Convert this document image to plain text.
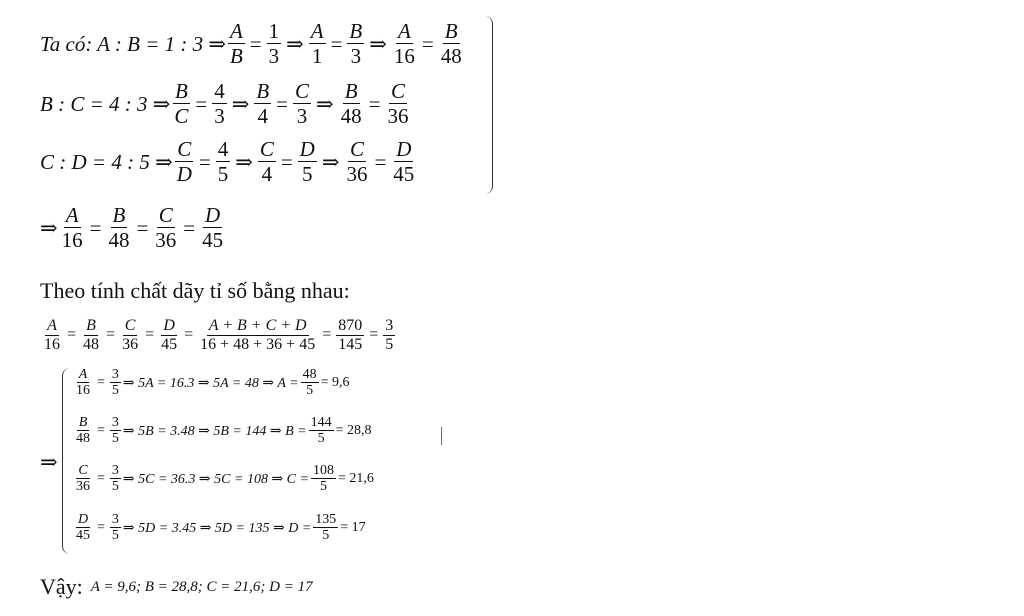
Ta có: A : B = 1 : 3 ⇒ $\frac{A}{B} = \frac{1}{3}$ ⇒ $\frac{A}{1} = \frac{B}{3}$ ⇒ $\frac{A}{16} = \frac{B}{48}$
B : C = 4 : 3 ⇒ $\frac{B}{C} = \frac{4}{3}$ ⇒ $\frac{B}{4} = \frac{C}{3}$ ⇒ $\frac{B}{48} = \frac{C}{36}$
C : D = 4 : 5 ⇒ $\frac{C}{D} = \frac{4}{5}$ ⇒ $\frac{C}{4} = \frac{D}{5}$ ⇒ $\frac{C}{36} = \frac{D}{45}$
⇒ $\frac{A}{16} = \frac{B}{48} = \frac{C}{36} = \frac{D}{45}$
Theo tính chất dãy tỉ số bằng nhau:
$\frac{A}{16} = \frac{B}{48} = \frac{C}{36} = \frac{D}{45} = \frac{A + B + C + D}{16 + 48 + 36 + 45} = \frac{870}{145} = \frac{3}{5}$
⇒
$\frac{A}{16} = \frac{3}{5}$ ⇒ 5A = 16.3 ⇒ 5A = 48 ⇒ $A = \frac{48}{5} = 9,6$
$\frac{B}{48} = \frac{3}{5}$ ⇒ 5B = 3.48 ⇒ 5B = 144 ⇒ $B = \frac{144}{5} = 28,8$
$\frac{C}{36} = \frac{3}{5}$ ⇒ 5C = 36.3 ⇒ 5C = 108 ⇒ $C = \frac{108}{5} = 21,6$
$\frac{D}{45} = \frac{3}{5}$ ⇒ 5D = 3.45 ⇒ 5D = 135 ⇒ $D = \frac{135}{5} = 17$
Vậy: A = 9,6; B = 28,8; C = 21,6; D = 17
